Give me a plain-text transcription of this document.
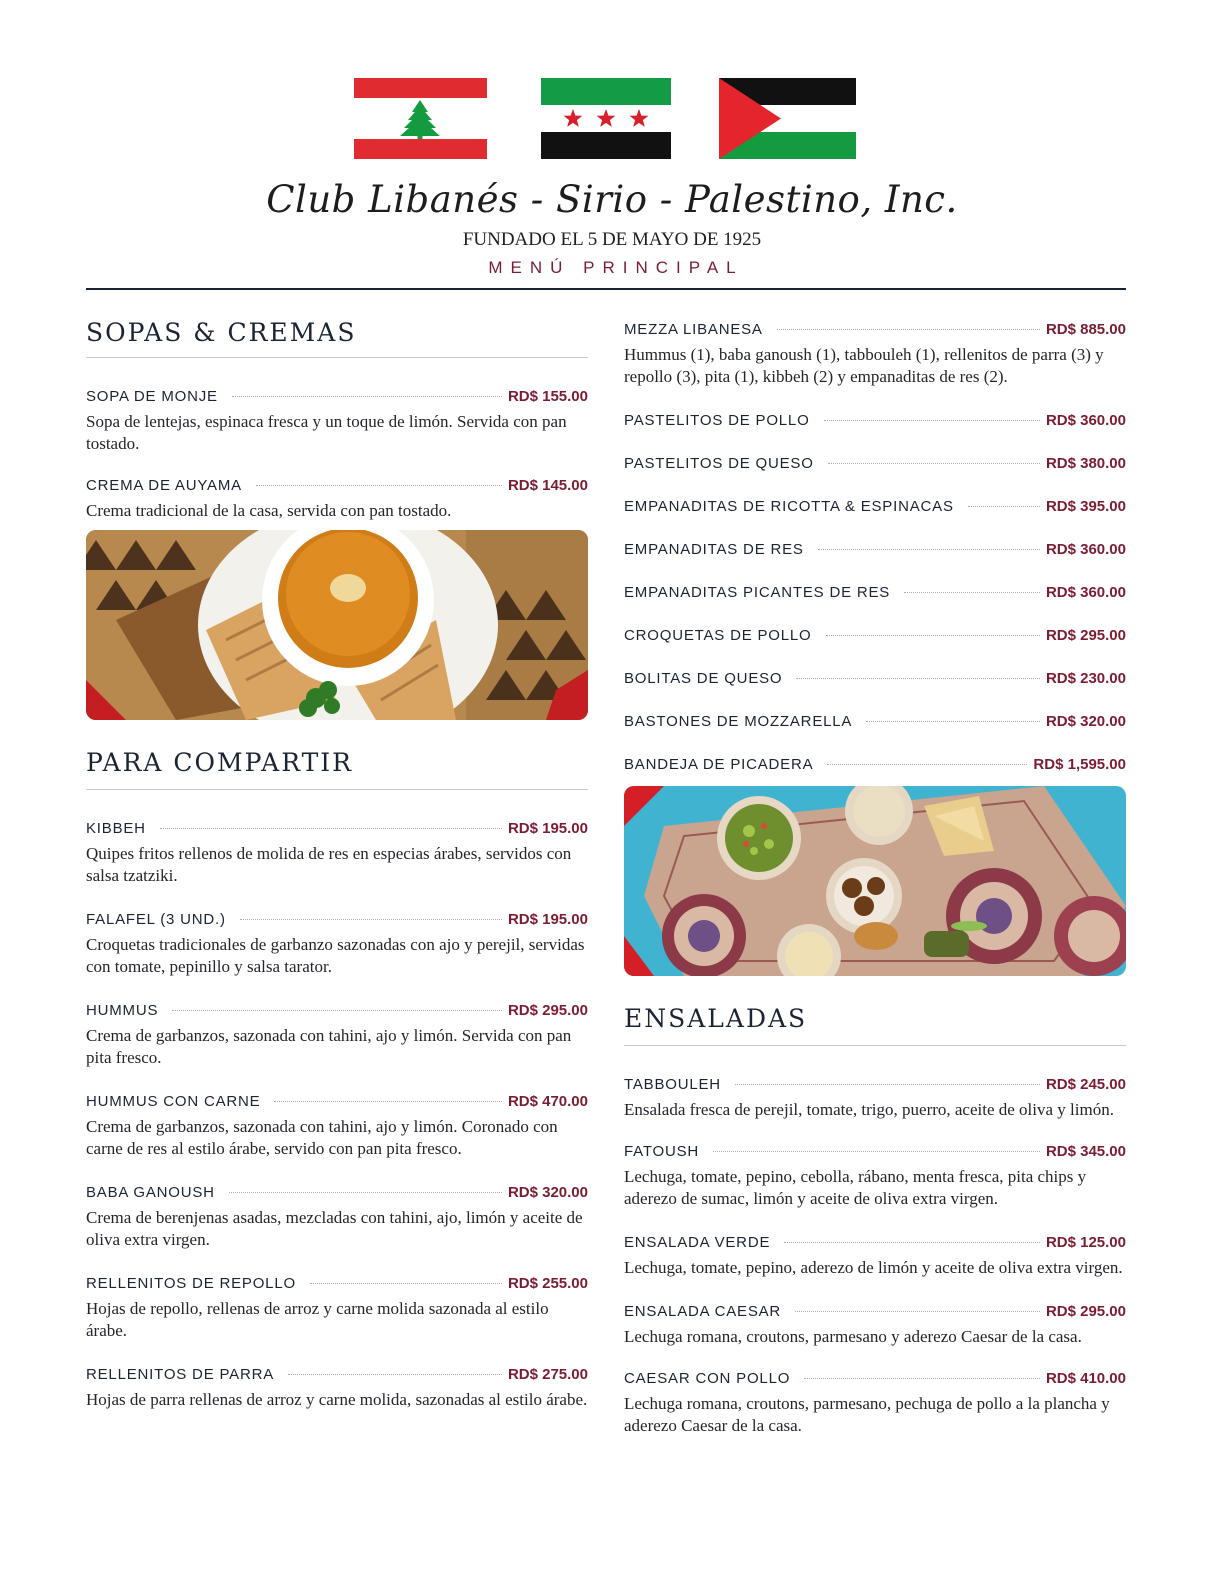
Club Libanés - Sirio - Palestino, Inc.
FUNDADO EL 5 DE MAYO DE 1925
MENÚ PRINCIPAL
SOPAS & CREMAS
SOPA DE MONJE	RD$ 155.00
Sopa de lentejas, espinaca fresca y un toque de limón. Servida con pan tostado.
CREMA DE AUYAMA	RD$ 145.00
Crema tradicional de la casa, servida con pan tostado.
PARA COMPARTIR
KIBBEH	RD$ 195.00
Quipes fritos rellenos de molida de res en especias árabes, servidos con salsa tzatziki.
FALAFEL (3 UND.)	RD$ 195.00
Croquetas tradicionales de garbanzo sazonadas con ajo y perejil, servidas con tomate, pepinillo y salsa tarator.
HUMMUS	RD$ 295.00
Crema de garbanzos, sazonada con tahini, ajo y limón. Servida con pan pita fresco.
HUMMUS CON CARNE	RD$ 470.00
Crema de garbanzos, sazonada con tahini, ajo y limón. Coronado con carne de res al estilo árabe, servido con pan pita fresco.
BABA GANOUSH	RD$ 320.00
Crema de berenjenas asadas, mezcladas con tahini, ajo, limón y aceite de oliva extra virgen.
RELLENITOS DE REPOLLO	RD$ 255.00
Hojas de repollo, rellenas de arroz y carne molida sazonada al estilo árabe.
RELLENITOS DE PARRA	RD$ 275.00
Hojas de parra rellenas de arroz y carne molida, sazonadas al estilo árabe.
MEZZA LIBANESA	RD$ 885.00
Hummus (1), baba ganoush (1), tabbouleh (1), rellenitos de parra (3) y repollo (3), pita (1), kibbeh (2) y empanaditas de res (2).
PASTELITOS DE POLLO	RD$ 360.00
PASTELITOS DE QUESO	RD$ 380.00
EMPANADITAS DE RICOTTA & ESPINACAS	RD$ 395.00
EMPANADITAS DE RES	RD$ 360.00
EMPANADITAS PICANTES DE RES	RD$ 360.00
CROQUETAS DE POLLO	RD$ 295.00
BOLITAS DE QUESO	RD$ 230.00
BASTONES DE MOZZARELLA	RD$ 320.00
BANDEJA DE PICADERA	RD$ 1,595.00
ENSALADAS
TABBOULEH	RD$ 245.00
Ensalada fresca de perejil, tomate, trigo, puerro, aceite de oliva y limón.
FATOUSH	RD$ 345.00
Lechuga, tomate, pepino, cebolla, rábano, menta fresca, pita chips y aderezo de sumac, limón y aceite de oliva extra virgen.
ENSALADA VERDE	RD$ 125.00
Lechuga, tomate, pepino, aderezo de limón y aceite de oliva extra virgen.
ENSALADA CAESAR	RD$ 295.00
Lechuga romana, croutons, parmesano y aderezo Caesar de la casa.
CAESAR CON POLLO	RD$ 410.00
Lechuga romana, croutons, parmesano, pechuga de pollo a la plancha y aderezo Caesar de la casa.
